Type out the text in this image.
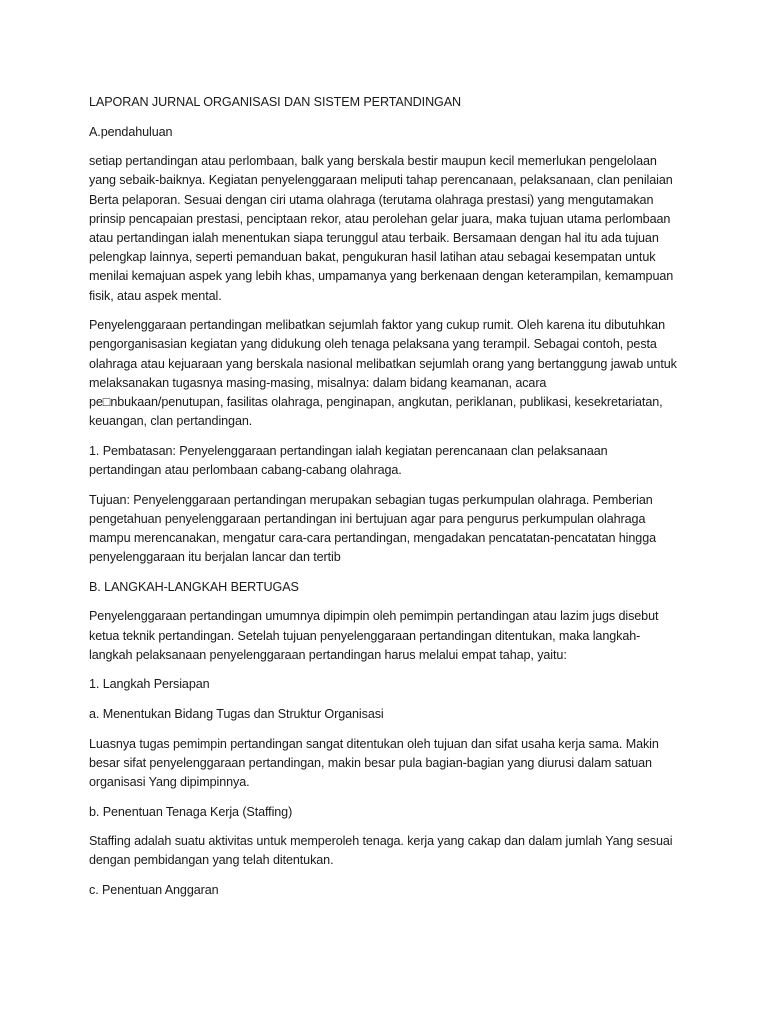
LAPORAN JURNAL ORGANISASI DAN SISTEM PERTANDINGAN

A.pendahuluan

setiap pertandingan atau perlombaan, balk yang berskala bestir maupun kecil memerlukan pengelolaan yang sebaik-baiknya. Kegiatan penyelenggaraan meliputi tahap perencanaan, pelaksanaan, clan penilaian Berta pelaporan. Sesuai dengan ciri utama olahraga (terutama olahraga prestasi) yang mengutamakan prinsip pencapaian prestasi, penciptaan rekor, atau perolehan gelar juara, maka tujuan utama perlombaan atau pertandingan ialah menentukan siapa terunggul atau terbaik. Bersamaan dengan hal itu ada tujuan pelengkap lainnya, seperti pemanduan bakat, pengukuran hasil latihan atau sebagai kesempatan untuk menilai kemajuan aspek yang lebih khas, umpamanya yang berkenaan dengan keterampilan, kemampuan fisik, atau aspek mental.

Penyelenggaraan pertandingan melibatkan sejumlah faktor yang cukup rumit. Oleh karena itu dibutuhkan pengorganisasian kegiatan yang didukung oleh tenaga pelaksana yang terampil. Sebagai contoh, pesta olahraga atau kejuaraan yang berskala nasional melibatkan sejumlah orang yang bertanggung jawab untuk melaksanakan tugasnya masing-masing, misalnya: dalam bidang keamanan, acara pe□nbukaan/penutupan, fasilitas olahraga, penginapan, angkutan, periklanan, publikasi, kesekretariatan, keuangan, clan pertandingan.

1. Pembatasan: Penyelenggaraan pertandingan ialah kegiatan perencanaan clan pelaksanaan pertandingan atau perlombaan cabang-cabang olahraga.

Tujuan: Penyelenggaraan pertandingan merupakan sebagian tugas perkumpulan olahraga. Pemberian pengetahuan penyelenggaraan pertandingan ini bertujuan agar para pengurus perkumpulan olahraga mampu merencanakan, mengatur cara-cara pertandingan, mengadakan pencatatan-pencatatan hingga penyelenggaraan itu berjalan lancar dan tertib

B. LANGKAH-LANGKAH BERTUGAS

Penyelenggaraan pertandingan umumnya dipimpin oleh pemimpin pertandingan atau lazim jugs disebut ketua teknik pertandingan. Setelah tujuan penyelenggaraan pertandingan ditentukan, maka langkah-langkah pelaksanaan penyelenggaraan pertandingan harus melalui empat tahap, yaitu:

1. Langkah Persiapan

a. Menentukan Bidang Tugas dan Struktur Organisasi

Luasnya tugas pemimpin pertandingan sangat ditentukan oleh tujuan dan sifat usaha kerja sama. Makin besar sifat penyelenggaraan pertandingan, makin besar pula bagian-bagian yang diurusi dalam satuan organisasi Yang dipimpinnya.

b. Penentuan Tenaga Kerja (Staffing)

Staffing adalah suatu aktivitas untuk memperoleh tenaga. kerja yang cakap dan dalam jumlah Yang sesuai dengan pembidangan yang telah ditentukan.

c. Penentuan Anggaran
